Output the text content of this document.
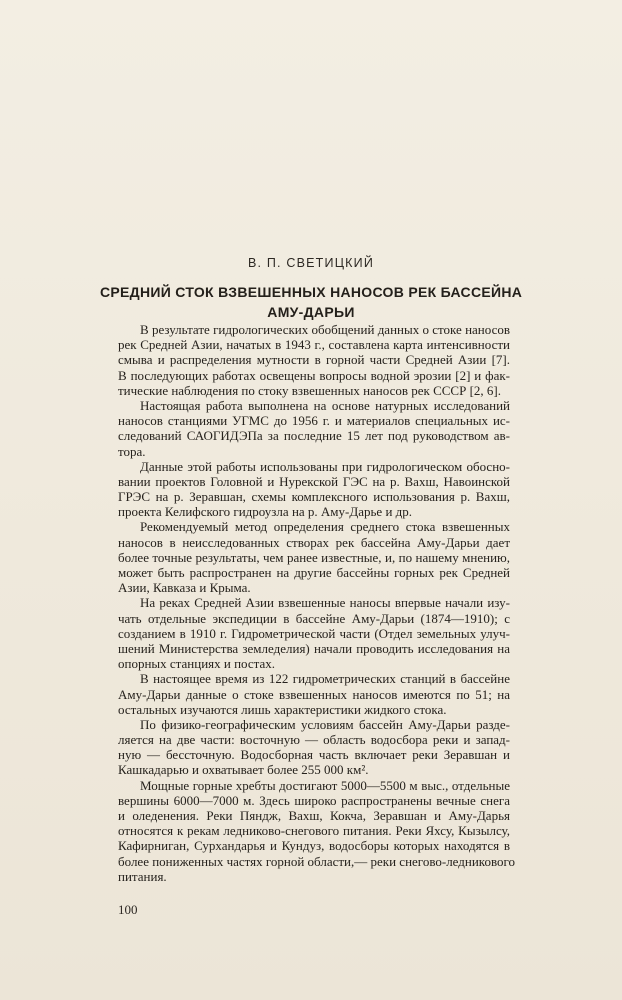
В. П. СВЕТИЦКИЙ
СРЕДНИЙ СТОК ВЗВЕШЕННЫХ НАНОСОВ РЕК БАССЕЙНА
АМУ-ДАРЬИ

В результате гидрологических обобщений данных о стоке наносов
рек Средней Азии, начатых в 1943 г., составлена карта интенсивности
смыва и распределения мутности в горной части Средней Азии [7].
В последующих работах освещены вопросы водной эрозии [2] и фак-
тические наблюдения по стоку взвешенных наносов рек СССР [2, 6].

Настоящая работа выполнена на основе натурных исследований
наносов станциями УГМС до 1956 г. и материалов специальных ис-
следований САОГИДЭПа за последние 15 лет под руководством ав-
тора.

Данные этой работы использованы при гидрологическом обосно-
вании проектов Головной и Нурекской ГЭС на р. Вахш, Навоинской
ГРЭС на р. Зеравшан, схемы комплексного использования р. Вахш,
проекта Келифского гидроузла на р. Аму-Дарье и др.

Рекомендуемый метод определения среднего стока взвешенных
наносов в неисследованных створах рек бассейна Аму-Дарьи дает
более точные результаты, чем ранее известные, и, по нашему мнению,
может быть распространен на другие бассейны горных рек Средней
Азии, Кавказа и Крыма.

На реках Средней Азии взвешенные наносы впервые начали изу-
чать отдельные экспедиции в бассейне Аму-Дарьи (1874—1910); с
созданием в 1910 г. Гидрометрической части (Отдел земельных улуч-
шений Министерства земледелия) начали проводить исследования на
опорных станциях и постах.

В настоящее время из 122 гидрометрических станций в бассейне
Аму-Дарьи данные о стоке взвешенных наносов имеются по 51; на
остальных изучаются лишь характеристики жидкого стока.

По физико-географическим условиям бассейн Аму-Дарьи разде-
ляется на две части: восточную — область водосбора реки и запад-
ную — бессточную. Водосборная часть включает реки Зеравшан и
Кашкадарью и охватывает более 255 000 км².

Мощные горные хребты достигают 5000—5500 м выс., отдельные
вершины 6000—7000 м. Здесь широко распространены вечные снега
и оледенения. Реки Пяндж, Вахш, Кокча, Зеравшан и Аму-Дарья
относятся к рекам ледниково-снегового питания. Реки Яхсу, Кызылсу,
Кафирниган, Сурхандарья и Кундуз, водосборы которых находятся в
более пониженных частях горной области,— реки снегово-ледникового
питания.

100
